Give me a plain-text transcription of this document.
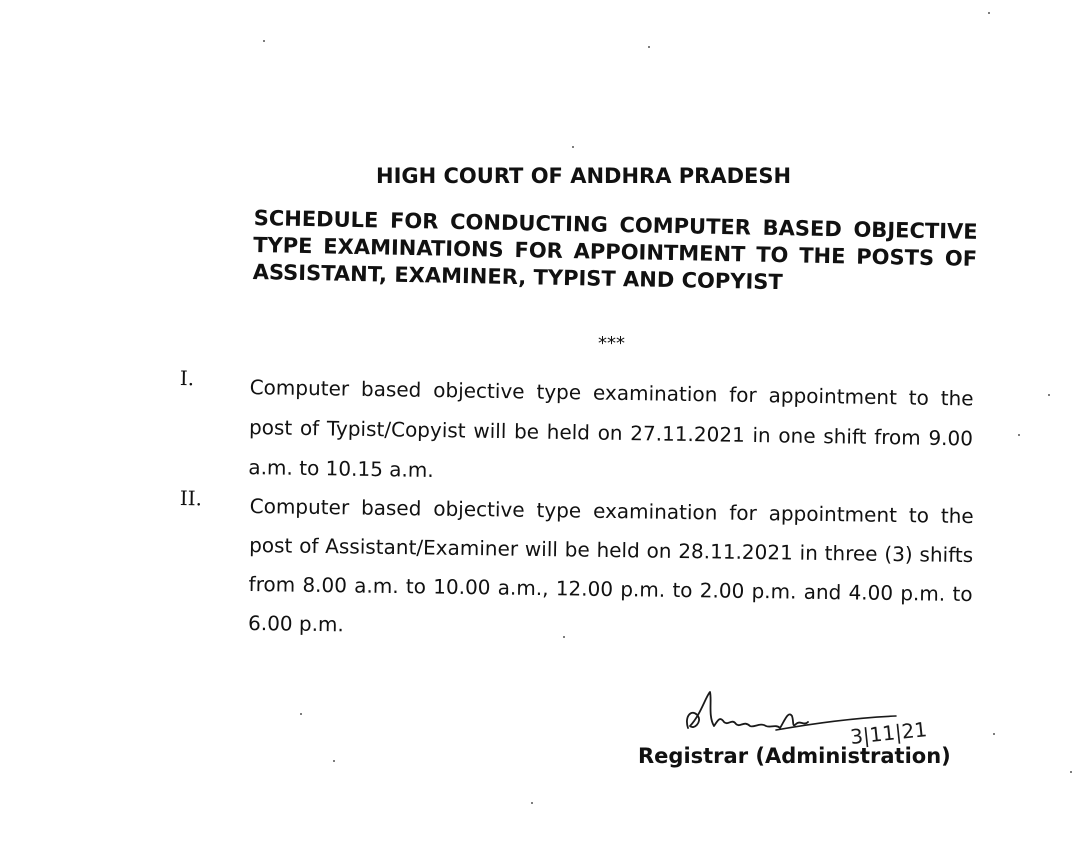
HIGH COURT OF ANDHRA PRADESH
SCHEDULE FOR CONDUCTING COMPUTER BASED OBJECTIVE TYPE EXAMINATIONS FOR APPOINTMENT TO THE POSTS OF ASSISTANT, EXAMINER, TYPIST AND COPYIST
***
I.	Computer based objective type examination for appointment to the post of Typist/Copyist will be held on 27.11.2021 in one shift from 9.00 a.m. to 10.15 a.m.
II. Computer based objective type examination for appointment to the post of Assistant/Examiner will be held on 28.11.2021 in three (3) shifts from 8.00 a.m. to 10.00 a.m., 12.00 p.m. to 2.00 p.m. and 4.00 p.m. to 6.00 p.m.
3|11|21
Registrar (Administration)
